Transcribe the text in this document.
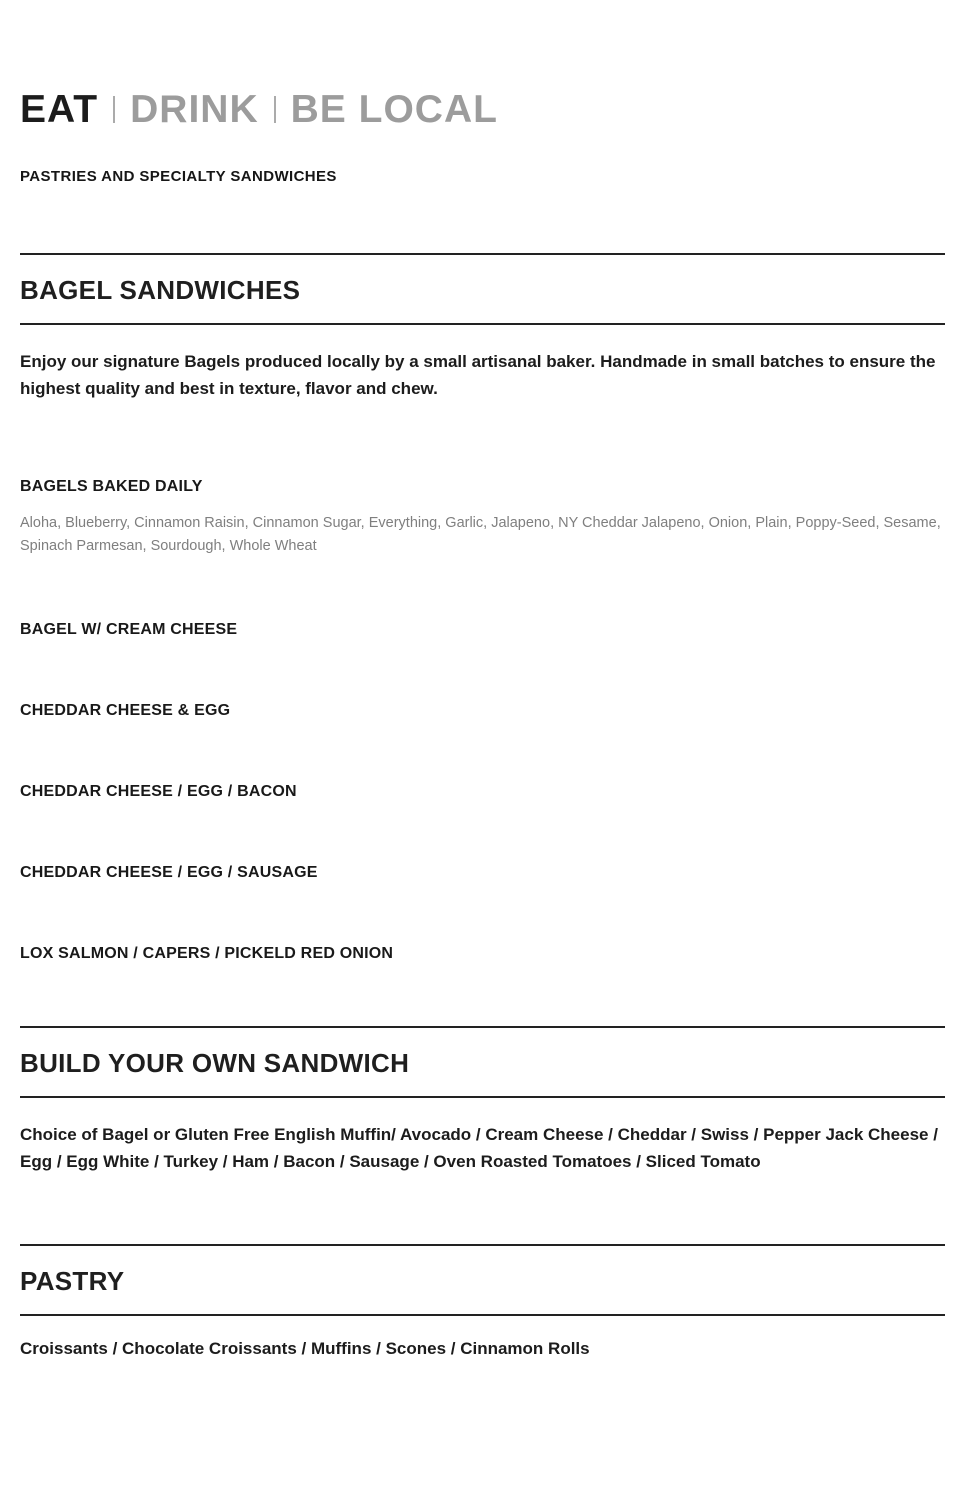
EAT DRINK BE LOCAL

PASTRIES AND SPECIALTY SANDWICHES

BAGEL SANDWICHES

Enjoy our signature Bagels produced locally by a small artisanal baker. Handmade in small batches to ensure the highest quality and best in texture, flavor and chew.

BAGELS BAKED DAILY

Aloha, Blueberry, Cinnamon Raisin, Cinnamon Sugar, Everything, Garlic, Jalapeno, NY Cheddar Jalapeno, Onion, Plain, Poppy-Seed, Sesame, Spinach Parmesan, Sourdough, Whole Wheat

BAGEL W/ CREAM CHEESE
CHEDDAR CHEESE & EGG
CHEDDAR CHEESE / EGG / BACON
CHEDDAR CHEESE / EGG / SAUSAGE
LOX SALMON / CAPERS / PICKELD RED ONION
BUILD YOUR OWN SANDWICH

Choice of Bagel or Gluten Free English Muffin/ Avocado / Cream Cheese / Cheddar / Swiss / Pepper Jack Cheese / Egg / Egg White / Turkey / Ham / Bacon / Sausage / Oven Roasted Tomatoes / Sliced Tomato

PASTRY

Croissants / Chocolate Croissants / Muffins / Scones / Cinnamon Rolls
